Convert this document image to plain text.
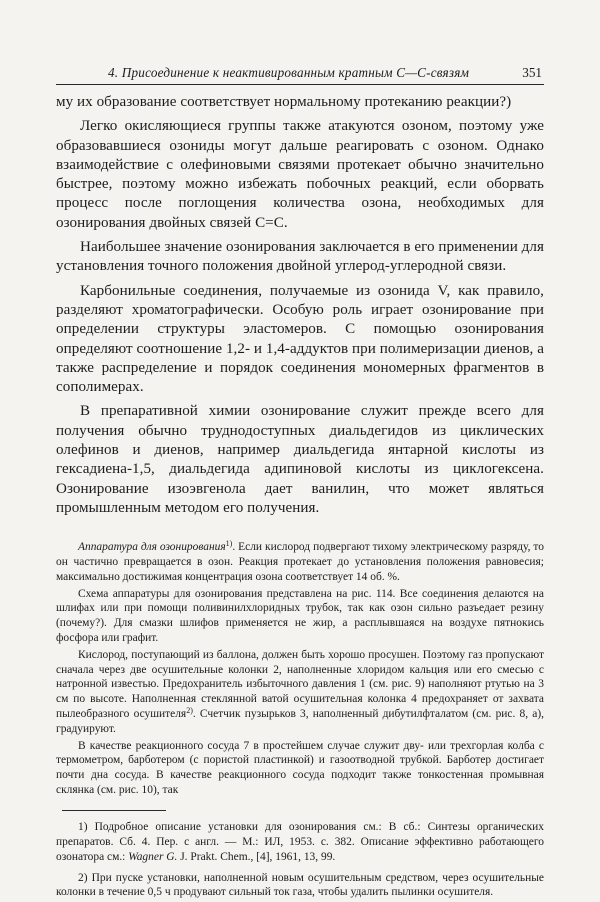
4. Присоединение к неактивированным кратным С—С-связям	351

му их образование соответствует нормальному протеканию реакции?)

Легко окисляющиеся группы также атакуются озоном, поэтому уже образовавшиеся озониды могут дальше реагировать с озоном. Однако взаимодействие с олефиновыми связями протекает обычно значительно быстрее, поэтому можно избежать побочных реакций, если оборвать процесс после поглощения количества озона, необходимых для озонирования двойных связей С=С.

Наибольшее значение озонирования заключается в его применении для установления точного положения двойной углерод-углеродной связи.

Карбонильные соединения, получаемые из озонида V, как правило, разделяют хроматографически. Особую роль играет озонирование при определении структуры эластомеров. С помощью озонирования определяют соотношение 1,2- и 1,4-аддуктов при полимеризации диенов, а также распределение и порядок соединения мономерных фрагментов в сополимерах.

В препаративной химии озонирование служит прежде всего для получения обычно труднодоступных диальдегидов из циклических олефинов и диенов, например диальдегида янтарной кислоты из гексадиена-1,5, диальдегида адипиновой кислоты из циклогексена. Озонирование изоэвгенола дает ванилин, что может являться промышленным методом его получения.

Аппаратура для озонирования$^{1)}$. Если кислород подвергают тихому электрическому разряду, то он частично превращается в озон. Реакция протекает до установления положения равновесия; максимально достижимая концентрация озона соответствует 14 об. %.

Схема аппаратуры для озонирования представлена на рис. 114. Все соединения делаются на шлифах или при помощи поливинилхлоридных трубок, так как озон сильно разъедает резину (почему?). Для смазки шлифов применяется не жир, а расплывшаяся на воздухе пятнокись фосфора или графит.

Кислород, поступающий из баллона, должен быть хорошо просушен. Поэтому газ пропускают сначала через две осушительные колонки 2, наполненные хлоридом кальция или его смесью с натронной известью. Предохранитель избыточного давления 1 (см. рис. 9) наполняют ртутью на 3 см по высоте. Наполненная стеклянной ватой осушительная колонка 4 предохраняет от захвата пылеобразного осушителя$^{2)}$. Счетчик пузырьков 3, наполненный дибутилфталатом (см. рис. 8, а), градуируют.

В качестве реакционного сосуда 7 в простейшем случае служит дву- или трехгорлая колба с термометром, барботером (с пористой пластинкой) и газоотводной трубкой. Барботер достигает почти дна сосуда. В качестве реакционного сосуда подходит также тонкостенная промывная склянка (см. рис. 10), так

1) Подробное описание установки для озонирования см.: В сб.: Синтезы органических препаратов. Сб. 4. Пер. с англ. — М.: ИЛ, 1953. с. 382. Описание эффективно работающего озонатора см.: Wagner G. J. Prakt. Chem., [4], 1961, 13, 99.

2) При пуске установки, наполненной новым осушительным средством, через осушительные колонки в течение 0,5 ч продувают сильный ток газа, чтобы удалить пылинки осушителя.
